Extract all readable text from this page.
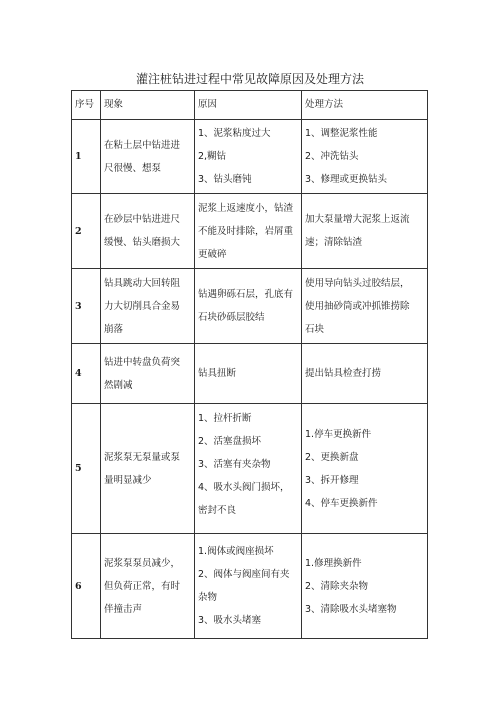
灌注桩钻进过程中常见故障原因及处理方法
序号	现象	原因	处理方法
1	在粘土层中钻进进
尺很慢、想泵	1、泥浆粘度过大
2,糊钻
3、钻头磨钝	1、调整泥浆性能
2、冲洗钻头
3、修理或更换钻头

2	在砂层中钻进进尺
缓慢、钻头磨损大	泥浆上返速度小，钻渣
不能及时排除，岩屑重
更破碎	加大泵量增大泥浆上返流
速；清除钻渣

3	钻具跳动大回转阻
力大切削具合金易
崩落	钻遇卵砾石层，孔底有
石块砂砾层胶结	使用导向钻头过胶结层，
使用抽砂筒或冲抓锥捞除
石块

4	钻进中转盘负荷突
然剧减	钻具扭断	提出钻具检查打捞

5	泥浆泵无泵量或泵
量明显减少	1、拉杆折断
2、活塞盘损坏
3、活塞有夹杂物
4、吸水头阀门损坏，
密封不良	1.停车更换新件
2、更换新盘
3、拆开修理
4、停车更换新件

6	泥浆泵泵员减少，
但负荷正常，有时
伴撞击声	1.阀体或阀座损坏
2、阀体与阀座间有夹
杂物
3、吸水头堵塞	1.修理换新件
2、清除夹杂物
3、清除吸水头堵塞物
